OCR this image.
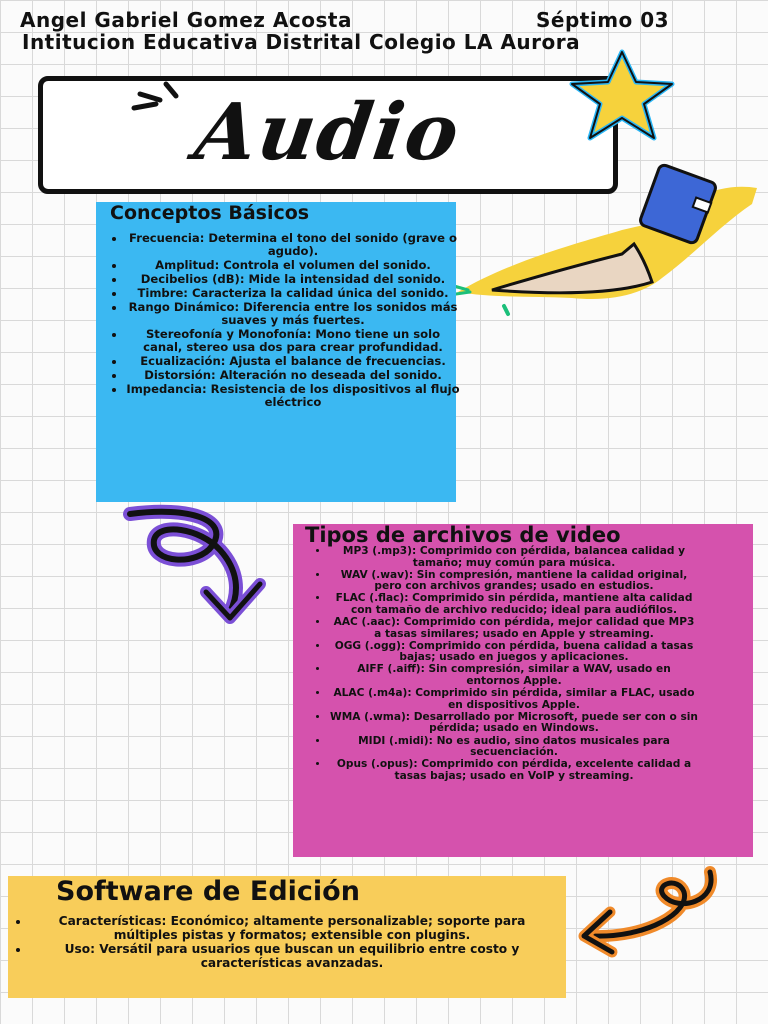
Angel Gabriel Gomez Acosta	Séptimo 03
Intitucion Educativa Distrital Colegio LA Aurora
Audio
Conceptos Básicos
• Frecuencia: Determina el tono del sonido (grave o agudo).
• Amplitud: Controla el volumen del sonido.
• Decibelios (dB): Mide la intensidad del sonido.
• Timbre: Caracteriza la calidad única del sonido.
• Rango Dinámico: Diferencia entre los sonidos más suaves y más fuertes.
• Stereofonía y Monofonía: Mono tiene un solo canal, stereo usa dos para crear profundidad.
• Ecualización: Ajusta el balance de frecuencias.
• Distorsión: Alteración no deseada del sonido.
• Impedancia: Resistencia de los dispositivos al flujo eléctrico
Tipos de archivos de video
• MP3 (.mp3): Comprimido con pérdida, balancea calidad y tamaño; muy común para música.
• WAV (.wav): Sin compresión, mantiene la calidad original, pero con archivos grandes; usado en estudios.
• FLAC (.flac): Comprimido sin pérdida, mantiene alta calidad con tamaño de archivo reducido; ideal para audiófilos.
• AAC (.aac): Comprimido con pérdida, mejor calidad que MP3 a tasas similares; usado en Apple y streaming.
• OGG (.ogg): Comprimido con pérdida, buena calidad a tasas bajas; usado en juegos y aplicaciones.
• AIFF (.aiff): Sin compresión, similar a WAV, usado en entornos Apple.
• ALAC (.m4a): Comprimido sin pérdida, similar a FLAC, usado en dispositivos Apple.
• WMA (.wma): Desarrollado por Microsoft, puede ser con o sin pérdida; usado en Windows.
• MIDI (.midi): No es audio, sino datos musicales para secuenciación.
• Opus (.opus): Comprimido con pérdida, excelente calidad a tasas bajas; usado en VoIP y streaming.
Software de Edición
• Características: Económico; altamente personalizable; soporte para múltiples pistas y formatos; extensible con plugins.
• Uso: Versátil para usuarios que buscan un equilibrio entre costo y características avanzadas.
